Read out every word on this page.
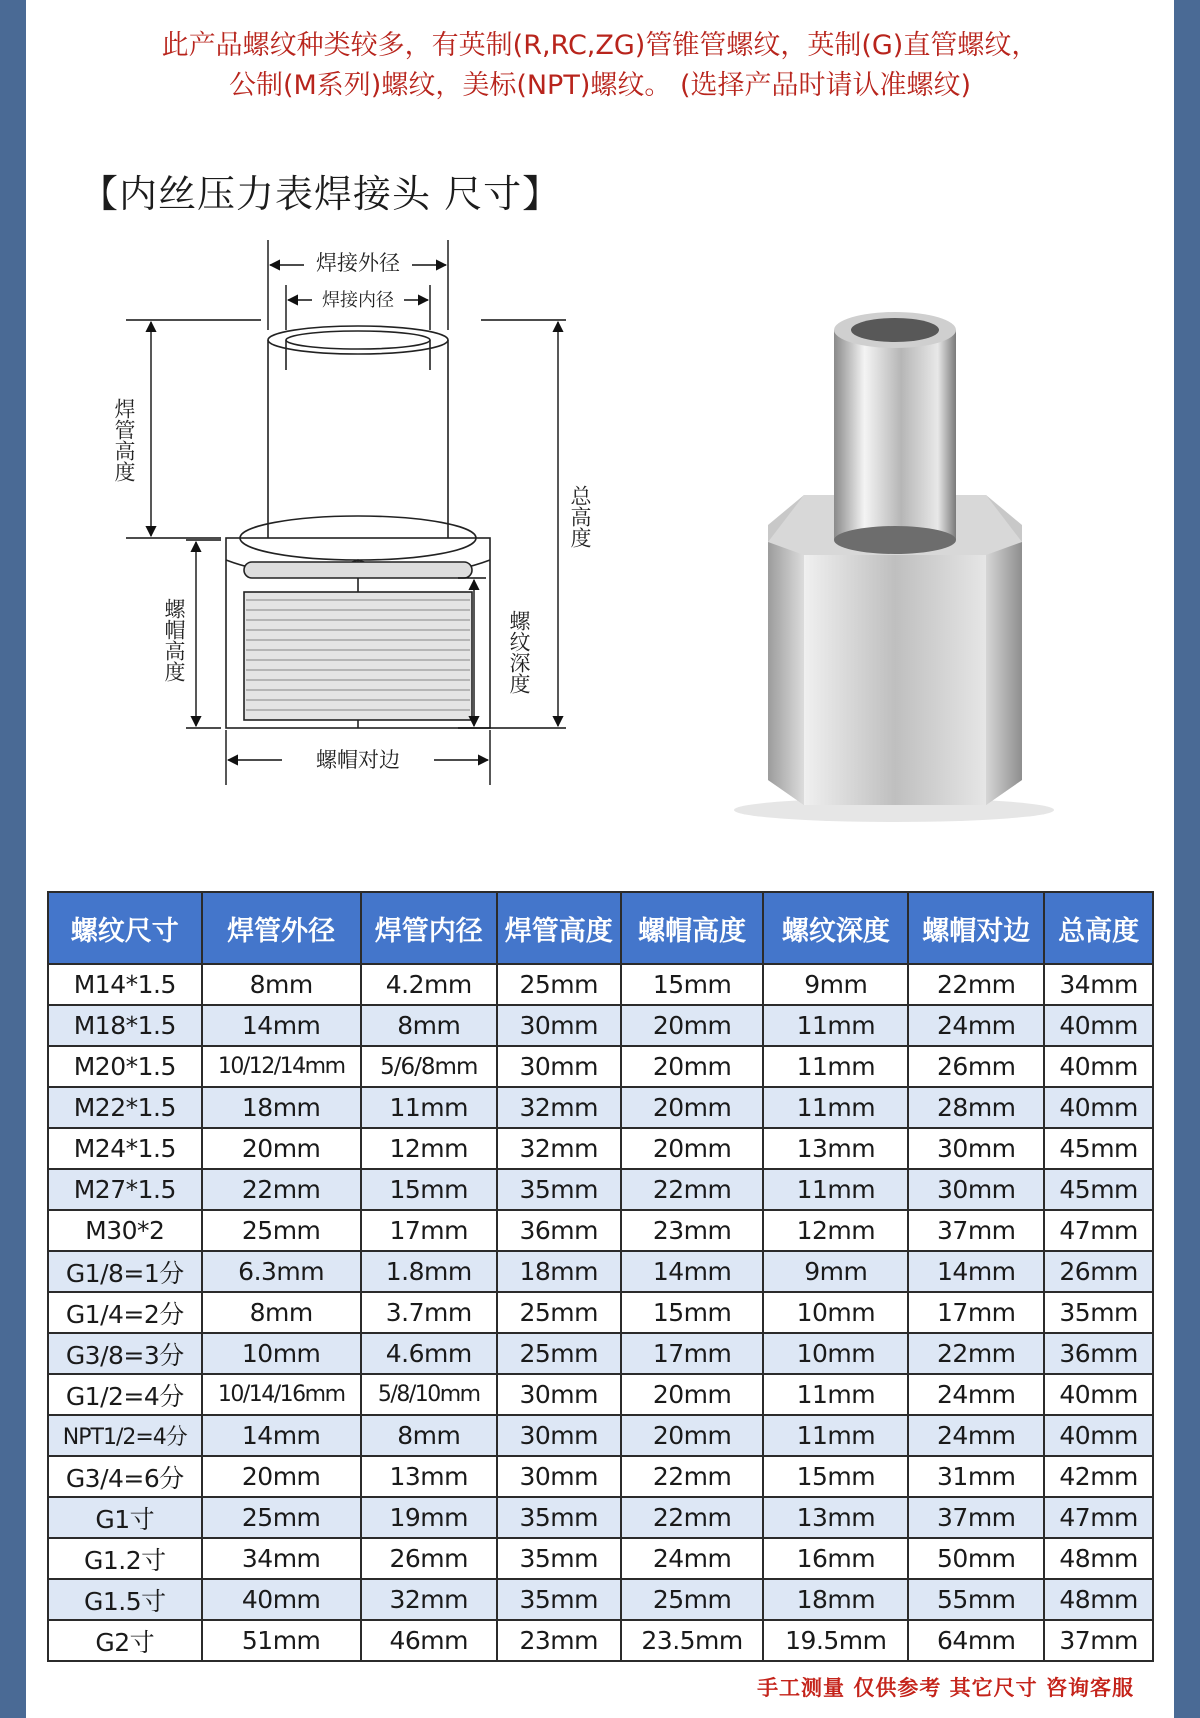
此产品螺纹种类较多，有英制(R,RC,ZG)管锥管螺纹，英制(G)直管螺纹，
公制(M系列)螺纹，美标(NPT)螺纹。 (选择产品时请认准螺纹)
【内丝压力表焊接头 尺寸】
焊接外径
焊接内径
螺帽对边
焊管高度
总高度
螺帽高度	螺纹深度
螺纹尺寸	焊管外径	焊管内径	焊管高度	螺帽高度	螺纹深度	螺帽对边	总高度
M14*1.5	8mm	4.2mm	25mm	15mm	9mm	22mm	34mm
M18*1.5	14mm	8mm	30mm	20mm	11mm	24mm	40mm
M20*1.5	10/12/14mm	5/6/8mm	30mm	20mm	11mm	26mm	40mm
M22*1.5	18mm	11mm	32mm	20mm	11mm	28mm	40mm
M24*1.5	20mm	12mm	32mm	20mm	13mm	30mm	45mm
M27*1.5	22mm	15mm	35mm	22mm	11mm	30mm	45mm
M30*2	25mm	17mm	36mm	23mm	12mm	37mm	47mm
G1/8=1分	6.3mm	1.8mm	18mm	14mm	9mm	14mm	26mm
G1/4=2分	8mm	3.7mm	25mm	15mm	10mm	17mm	35mm
G3/8=3分	10mm	4.6mm	25mm	17mm	10mm	22mm	36mm
G1/2=4分	10/14/16mm	5/8/10mm	30mm	20mm	11mm	24mm	40mm
NPT1/2=4分	14mm	8mm	30mm	20mm	11mm	24mm	40mm
G3/4=6分	20mm	13mm	30mm	22mm	15mm	31mm	42mm
G1寸	25mm	19mm	35mm	22mm	13mm	37mm	47mm
G1.2寸	34mm	26mm	35mm	24mm	16mm	50mm	48mm
G1.5寸	40mm	32mm	35mm	25mm	18mm	55mm	48mm
G2寸	51mm	46mm	23mm	23.5mm	19.5mm	64mm	37mm
手工测量 仅供参考 其它尺寸 咨询客服
